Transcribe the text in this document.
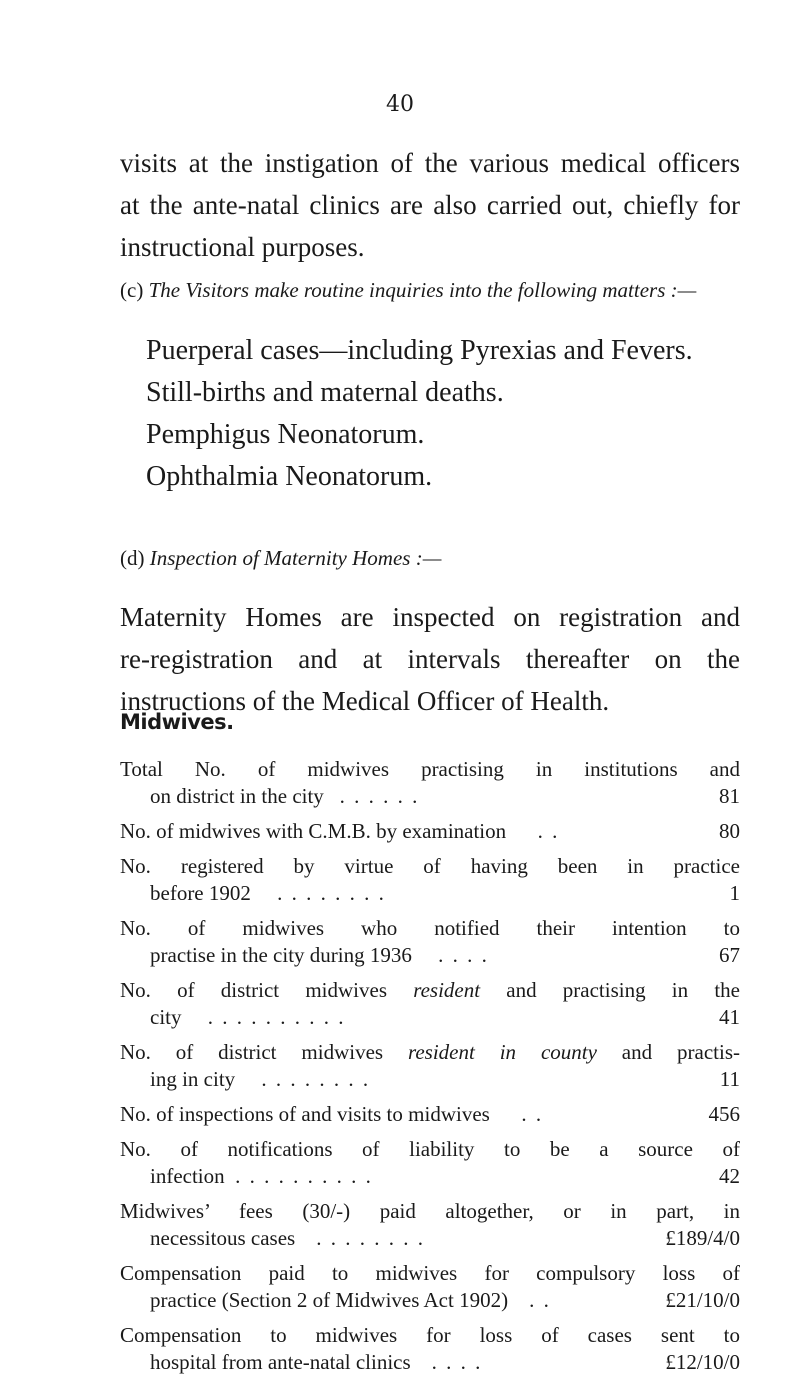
40
visits at the instigation of the various medical officers
at the ante-natal clinics are also carried out, chiefly for
instructional purposes.
(c) The Visitors make routine inquiries into the following matters :—
Puerperal cases—including Pyrexias and Fevers.
Still-births and maternal deaths.
Pemphigus Neonatorum.
Ophthalmia Neonatorum.
(d) Inspection of Maternity Homes :—
Maternity Homes are inspected on registration and
re-registration and at intervals thereafter on the
instructions of the Medical Officer of Health.
Midwives.
Total No. of midwives practising in institutions and
on district in the city . . . . . .	81
No. of midwives with C.M.B. by examination . .	80
No. registered by virtue of having been in practice
before 1902 . . . . . . . .	1
No. of midwives who notified their intention to
practise in the city during 1936 . . . .	67
No. of district midwives resident and practising in the
city . . . . . . . . . .	41
No. of district midwives resident in county and practis-
ing in city . . . . . . . .	11
No. of inspections of and visits to midwives . .	456
No. of notifications of liability to be a source of
infection . . . . . . . . . .	42
Midwives’ fees (30/-) paid altogether, or in part, in
necessitous cases . . . . . . . .	£189/4/0
Compensation paid to midwives for compulsory loss of
practice (Section 2 of Midwives Act 1902) . .	£21/10/0
Compensation to midwives for loss of cases sent to
hospital from ante-natal clinics . . . .	£12/10/0
